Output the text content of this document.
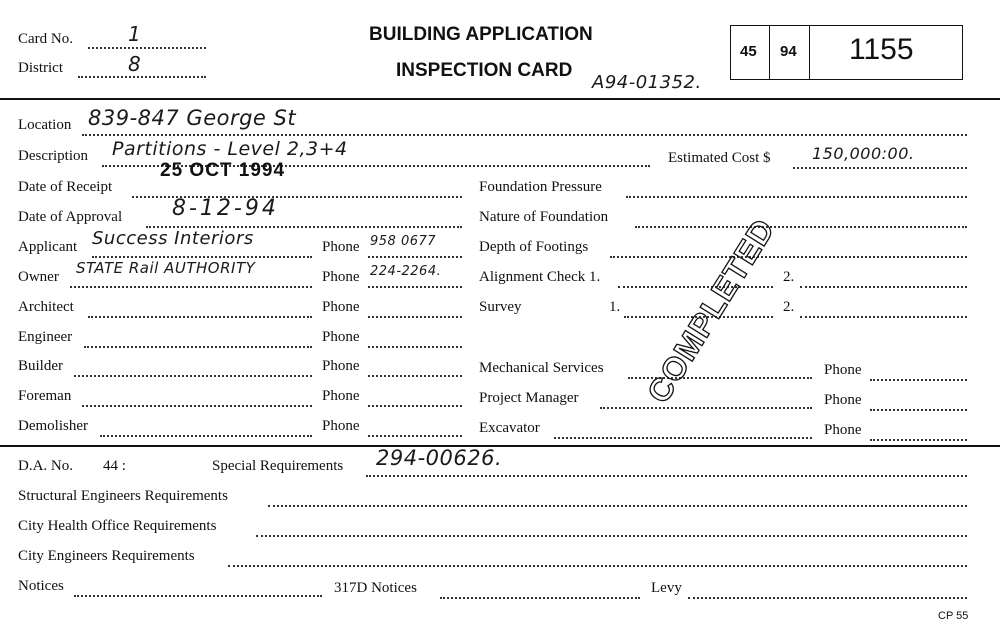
Card No.	1
District	8
BUILDING APPLICATION
INSPECTION CARD
A94-01352.
45 94 1155
Location 839-847 George St
Description Partitions - Level 2,3+4	Estimated Cost $	150,000:00.
Date of Receipt
25 OCT 1994
Date of Approval 8-12-94
Applicant Success Interiors	Phone 958 0677
Owner STATE Rail AUTHORITY	Phone 224-2264.
Architect	Phone
Engineer	Phone
Builder	Phone
Foreman	Phone
Demolisher	Phone
Foundation Pressure
Nature of Foundation
Depth of Footings
Alignment Check 1.	2.
Survey	1.	2.
Mechanical Services	Phone
Project Manager	Phone
Excavator	Phone
COMPLETED
D.A. No. 44 :	Special Requirements 294-00626.
Structural Engineers Requirements
City Health Office Requirements
City Engineers Requirements
Notices	317D Notices	Levy
CP 55
